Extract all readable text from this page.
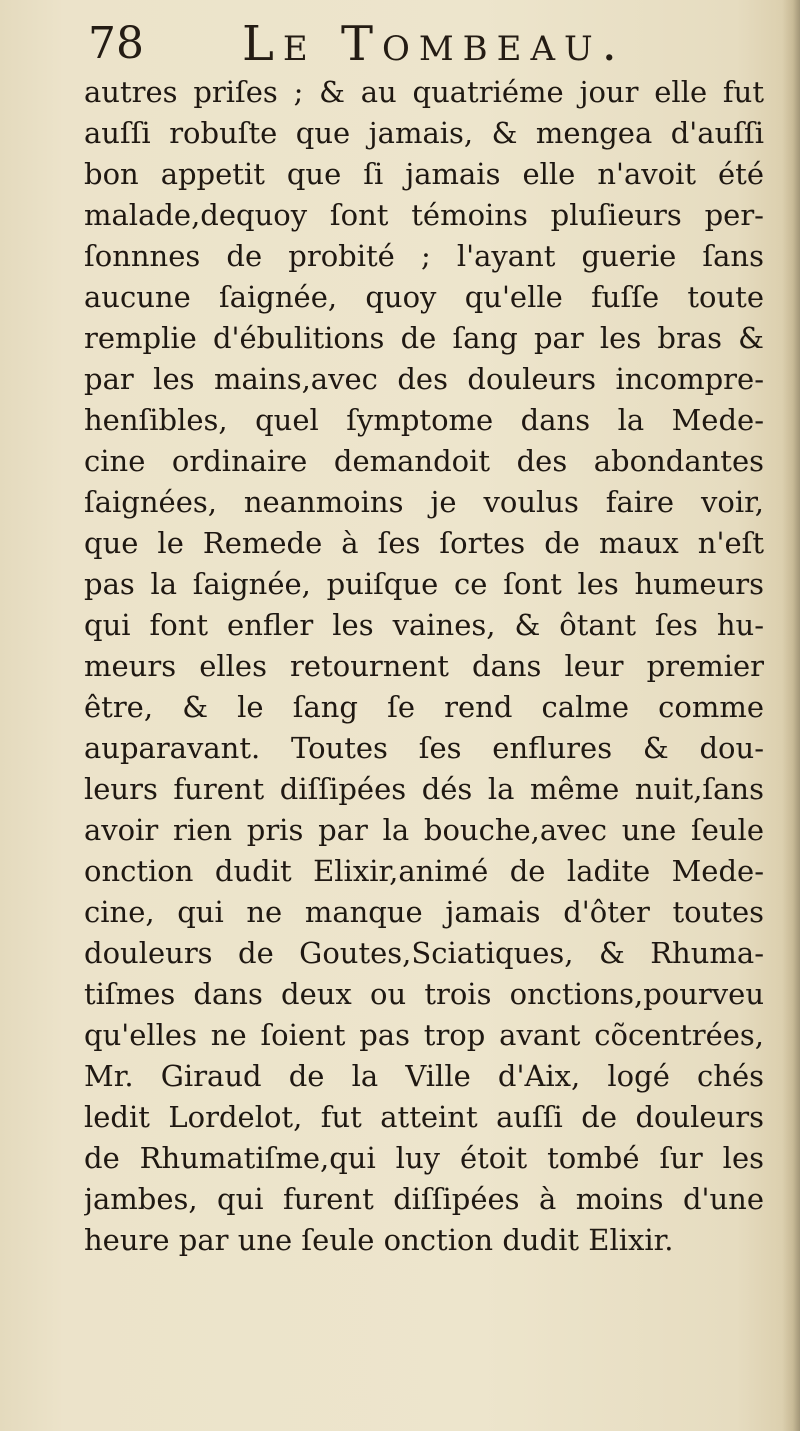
78 Le Tombeau.
autres priſes ; & au quatriéme jour elle fut
auſſi robuſte que jamais, & mengea d'auſſi
bon appetit que ſi jamais elle n'avoit été
malade,dequoy ſont témoins pluſieurs per-
ſonnnes de probité ; l'ayant guerie ſans
aucune ſaignée, quoy qu'elle fuſſe toute
remplie d'ébulitions de ſang par les bras &
par les mains,avec des douleurs incompre-
henſibles, quel ſymptome dans la Mede-
cine ordinaire demandoit des abondantes
ſaignées, neanmoins je voulus faire voir,
que le Remede à ſes ſortes de maux n'eſt
pas la ſaignée, puiſque ce ſont les humeurs
qui font enfler les vaines, & ôtant ſes hu-
meurs elles retournent dans leur premier
être, & le ſang ſe rend calme comme
auparavant. Toutes ſes enflures & dou-
leurs furent diſſipées dés la même nuit,ſans
avoir rien pris par la bouche,avec une ſeule
onction dudit Elixir,animé de ladite Mede-
cine, qui ne manque jamais d'ôter toutes
douleurs de Goutes,Sciatiques, & Rhuma-
tiſmes dans deux ou trois onctions,pourveu
qu'elles ne ſoient pas trop avant cõcentrées,
Mr. Giraud de la Ville d'Aix, logé chés
ledit Lordelot, fut atteint auſſi de douleurs
de Rhumatiſme,qui luy étoit tombé ſur les
jambes, qui furent diſſipées à moins d'une
heure par une ſeule onction dudit Elixir.
